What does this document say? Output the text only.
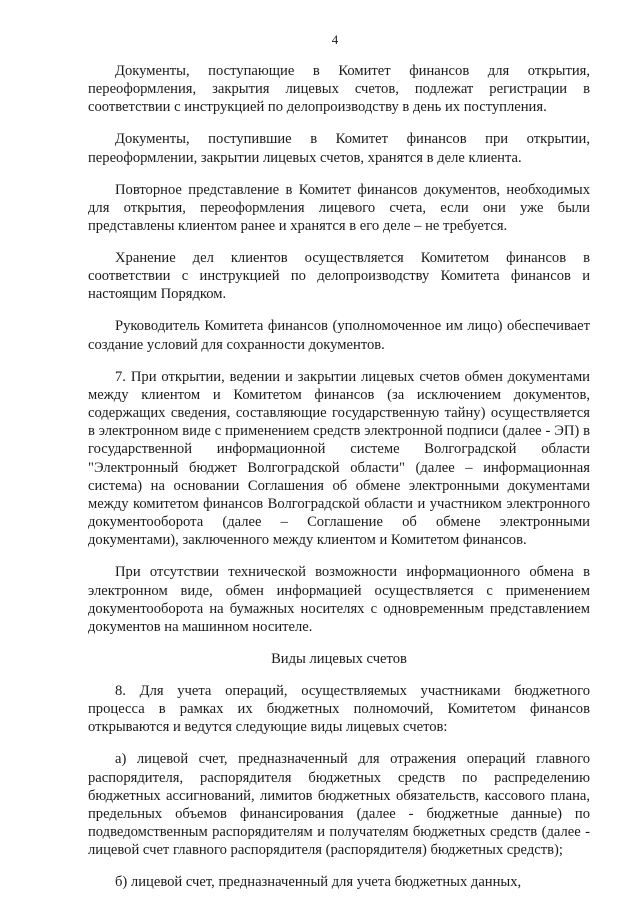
4

Документы, поступающие в Комитет финансов для открытия, переоформления, закрытия лицевых счетов, подлежат регистрации в соответствии с инструкцией по делопроизводству в день их поступления.

Документы, поступившие в Комитет финансов при открытии, переоформлении, закрытии лицевых счетов, хранятся в деле клиента.

Повторное представление в Комитет финансов документов, необходимых для открытия, переоформления лицевого счета, если они уже были представлены клиентом ранее и хранятся в его деле – не требуется.

Хранение дел клиентов осуществляется Комитетом финансов в соответствии с инструкцией по делопроизводству Комитета финансов и настоящим Порядком.

Руководитель Комитета финансов (уполномоченное им лицо) обеспечивает создание условий для сохранности документов.

7. При открытии, ведении и закрытии лицевых счетов обмен документами между клиентом и Комитетом финансов (за исключением документов, содержащих сведения, составляющие государственную тайну) осуществляется в электронном виде с применением средств электронной подписи (далее - ЭП) в государственной информационной системе Волгоградской области "Электронный бюджет Волгоградской области" (далее – информационная система) на основании Соглашения об обмене электронными документами между комитетом финансов Волгоградской области и участником электронного документооборота (далее – Соглашение об обмене электронными документами), заключенного между клиентом и Комитетом финансов.

При отсутствии технической возможности информационного обмена в электронном виде, обмен информацией осуществляется с применением документооборота на бумажных носителях с одновременным представлением документов на машинном носителе.

Виды лицевых счетов

8. Для учета операций, осуществляемых участниками бюджетного процесса в рамках их бюджетных полномочий, Комитетом финансов открываются и ведутся следующие виды лицевых счетов:

а) лицевой счет, предназначенный для отражения операций главного распорядителя, распорядителя бюджетных средств по распределению бюджетных ассигнований, лимитов бюджетных обязательств, кассового плана, предельных объемов финансирования (далее - бюджетные данные) по подведомственным распорядителям и получателям бюджетных средств (далее - лицевой счет главного распорядителя (распорядителя) бюджетных средств);

б) лицевой счет, предназначенный для учета бюджетных данных,
